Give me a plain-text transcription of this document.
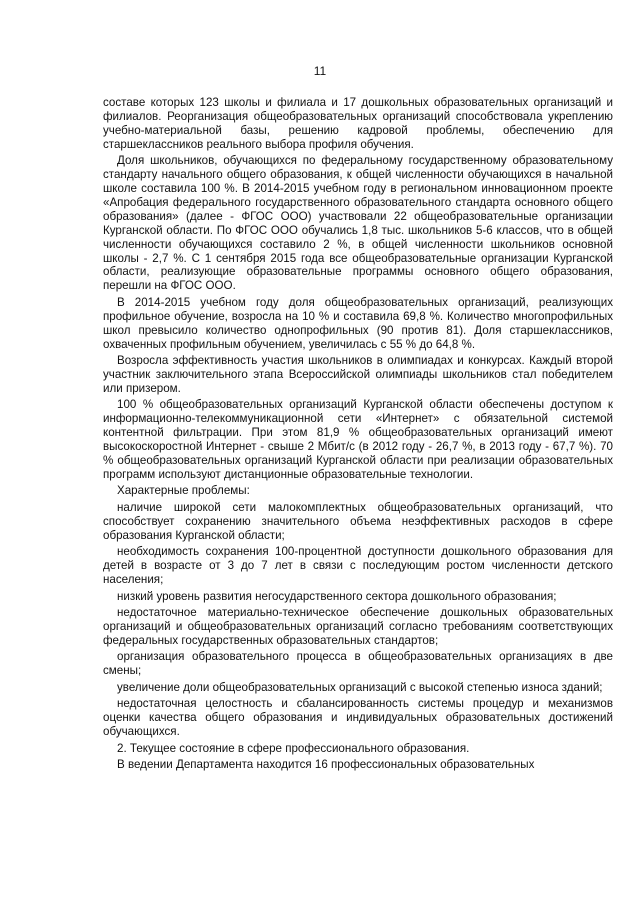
11

составе которых 123 школы и филиала и 17 дошкольных образовательных организаций и филиалов. Реорганизация общеобразовательных организаций способствовала укреплению учебно-материальной базы, решению кадровой проблемы, обеспечению для старшеклассников реального выбора профиля обучения.

Доля школьников, обучающихся по федеральному государственному образовательному стандарту начального общего образования, к общей численности обучающихся в начальной школе составила 100 %. В 2014-2015 учебном году в региональном инновационном проекте «Апробация федерального государственного образовательного стандарта основного общего образования» (далее - ФГОС ООО) участвовали 22 общеобразовательные организации Курганской области. По ФГОС ООО обучались 1,8 тыс. школьников 5-6 классов, что в общей численности обучающихся составило 2 %, в общей численности школьников основной школы - 2,7 %. С 1 сентября 2015 года все общеобразовательные организации Курганской области, реализующие образовательные программы основного общего образования, перешли на ФГОС ООО.

В 2014-2015 учебном году доля общеобразовательных организаций, реализующих профильное обучение, возросла на 10 % и составила 69,8 %. Количество многопрофильных школ превысило количество однопрофильных (90 против 81). Доля старшеклассников, охваченных профильным обучением, увеличилась с 55 % до 64,8 %.

Возросла эффективность участия школьников в олимпиадах и конкурсах. Каждый второй участник заключительного этапа Всероссийской олимпиады школьников стал победителем или призером.

100 % общеобразовательных организаций Курганской области обеспечены доступом к информационно-телекоммуникационной сети «Интернет» с обязательной системой контентной фильтрации. При этом 81,9 % общеобразовательных организаций имеют высокоскоростной Интернет - свыше 2 Мбит/с (в 2012 году - 26,7 %, в 2013 году - 67,7 %). 70 % общеобразовательных организаций Курганской области при реализации образовательных программ используют дистанционные образовательные технологии.

Характерные проблемы:

наличие широкой сети малокомплектных общеобразовательных организаций, что способствует сохранению значительного объема неэффективных расходов в сфере образования Курганской области;

необходимость сохранения 100-процентной доступности дошкольного образования для детей в возрасте от 3 до 7 лет в связи с последующим ростом численности детского населения;

низкий уровень развития негосударственного сектора дошкольного образования;

недостаточное материально-техническое обеспечение дошкольных образовательных организаций и общеобразовательных организаций согласно требованиям соответствующих федеральных государственных образовательных стандартов;

организация образовательного процесса в общеобразовательных организациях в две смены;

увеличение доли общеобразовательных организаций с высокой степенью износа зданий;

недостаточная целостность и сбалансированность системы процедур и механизмов оценки качества общего образования и индивидуальных образовательных достижений обучающихся.

2. Текущее состояние в сфере профессионального образования.

В ведении Департамента находится 16 профессиональных образовательных
